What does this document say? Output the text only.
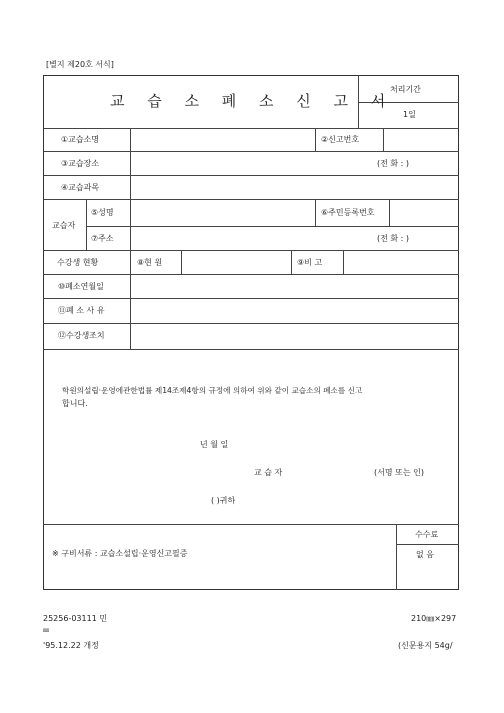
[별지 제20호 서식]
교 습 소 폐 소 신 고 서
처리기간
1일
①교습소명	②신고번호
③교습장소	(전 화 : )
④교습과목
교습자
⑤성명	⑥주민등록번호
⑦주소	(전 화 : )
수강생 현황	⑧현 원	⑨비 고
⑩폐소연월일
⑪폐 소 사 유
⑫수강생조치
학원의설립·운영에관한법률 제14조제4항의 규정에 의하여 위와 같이 교습소의 폐소를 신고
합니다.
년 월 일
교 습 자	(서명 또는 인)
( )귀하
※ 구비서류 : 교습소설립·운영신고필증
수수료
없 음
25256-03111 민
㎜
'95.12.22 개정
210㎜×297
(신문용지 54g/
